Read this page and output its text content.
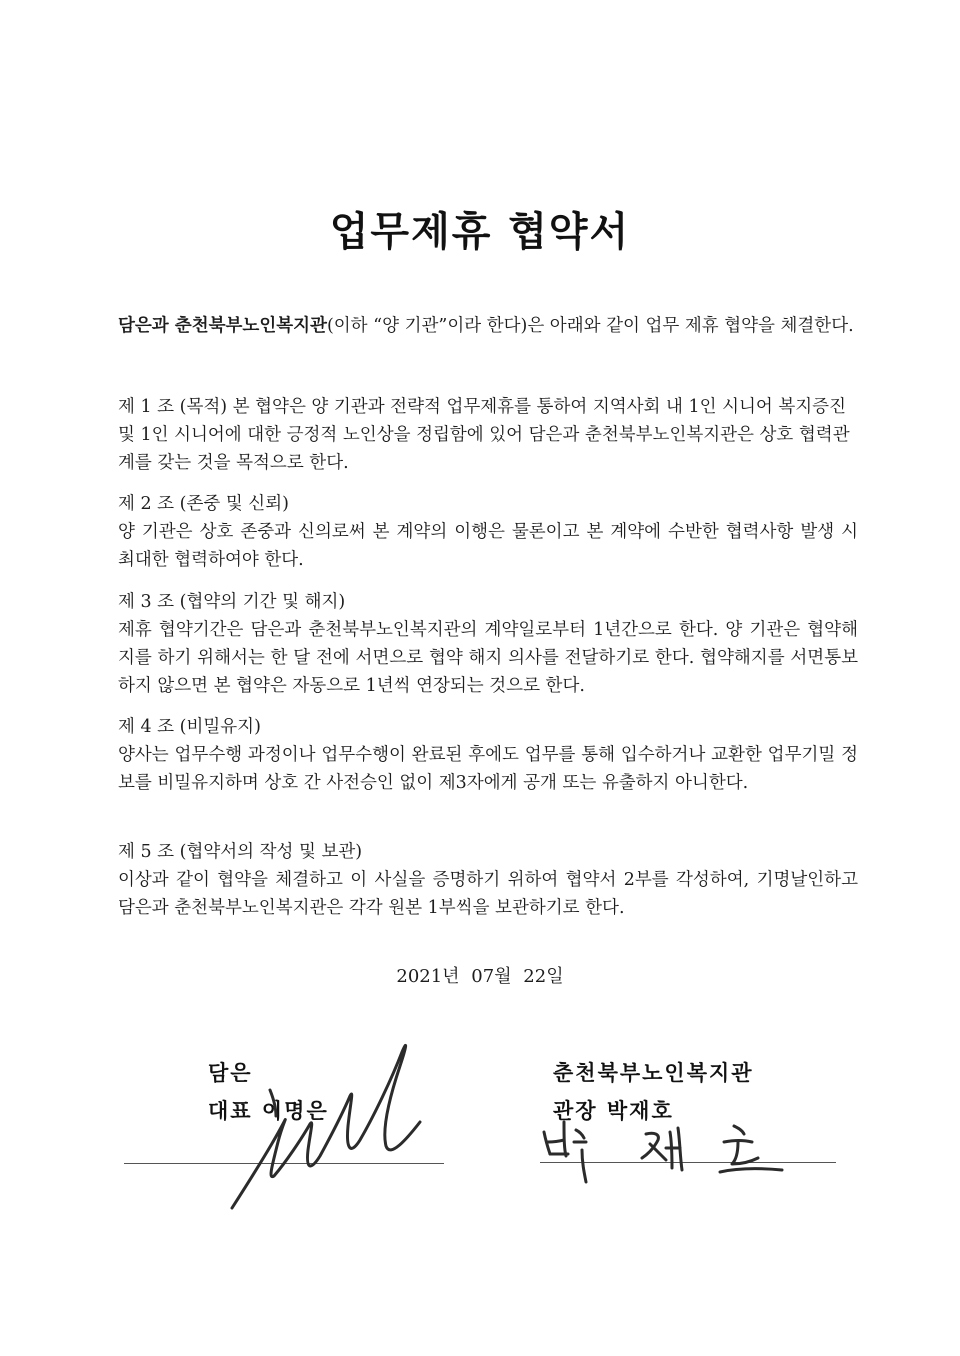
업무제휴 협약서
담은과 춘천북부노인복지관(이하 “양 기관”이라 한다)은 아래와 같이 업무 제휴 협약을 체결한다.
제 1 조 (목적) 본 협약은 양 기관과 전략적 업무제휴를 통하여 지역사회 내 1인 시니어 복지증진 및 1인 시니어에 대한 긍정적 노인상을 정립함에 있어 담은과 춘천북부노인복지관은 상호 협력관계를 갖는 것을 목적으로 한다.
제 2 조 (존중 및 신뢰)
양 기관은 상호 존중과 신의로써 본 계약의 이행은 물론이고 본 계약에 수반한 협력사항 발생 시 최대한 협력하여야 한다.
제 3 조 (협약의 기간 및 해지)
제휴 협약기간은 담은과 춘천북부노인복지관의 계약일로부터 1년간으로 한다. 양 기관은 협약해지를 하기 위해서는 한 달 전에 서면으로 협약 해지 의사를 전달하기로 한다. 협약해지를 서면통보하지 않으면 본 협약은 자동으로 1년씩 연장되는 것으로 한다.
제 4 조 (비밀유지)
양사는 업무수행 과정이나 업무수행이 완료된 후에도 업무를 통해 입수하거나 교환한 업무기밀 정보를 비밀유지하며 상호 간 사전승인 없이 제3자에게 공개 또는 유출하지 아니한다.
제 5 조 (협약서의 작성 및 보관)
이상과 같이 협약을 체결하고 이 사실을 증명하기 위하여 협약서 2부를 각성하여, 기명날인하고 담은과 춘천북부노인복지관은 각각 원본 1부씩을 보관하기로 한다.
2021년 07월 22일
담은
대표 이명은
춘천북부노인복지관
관장 박재호
